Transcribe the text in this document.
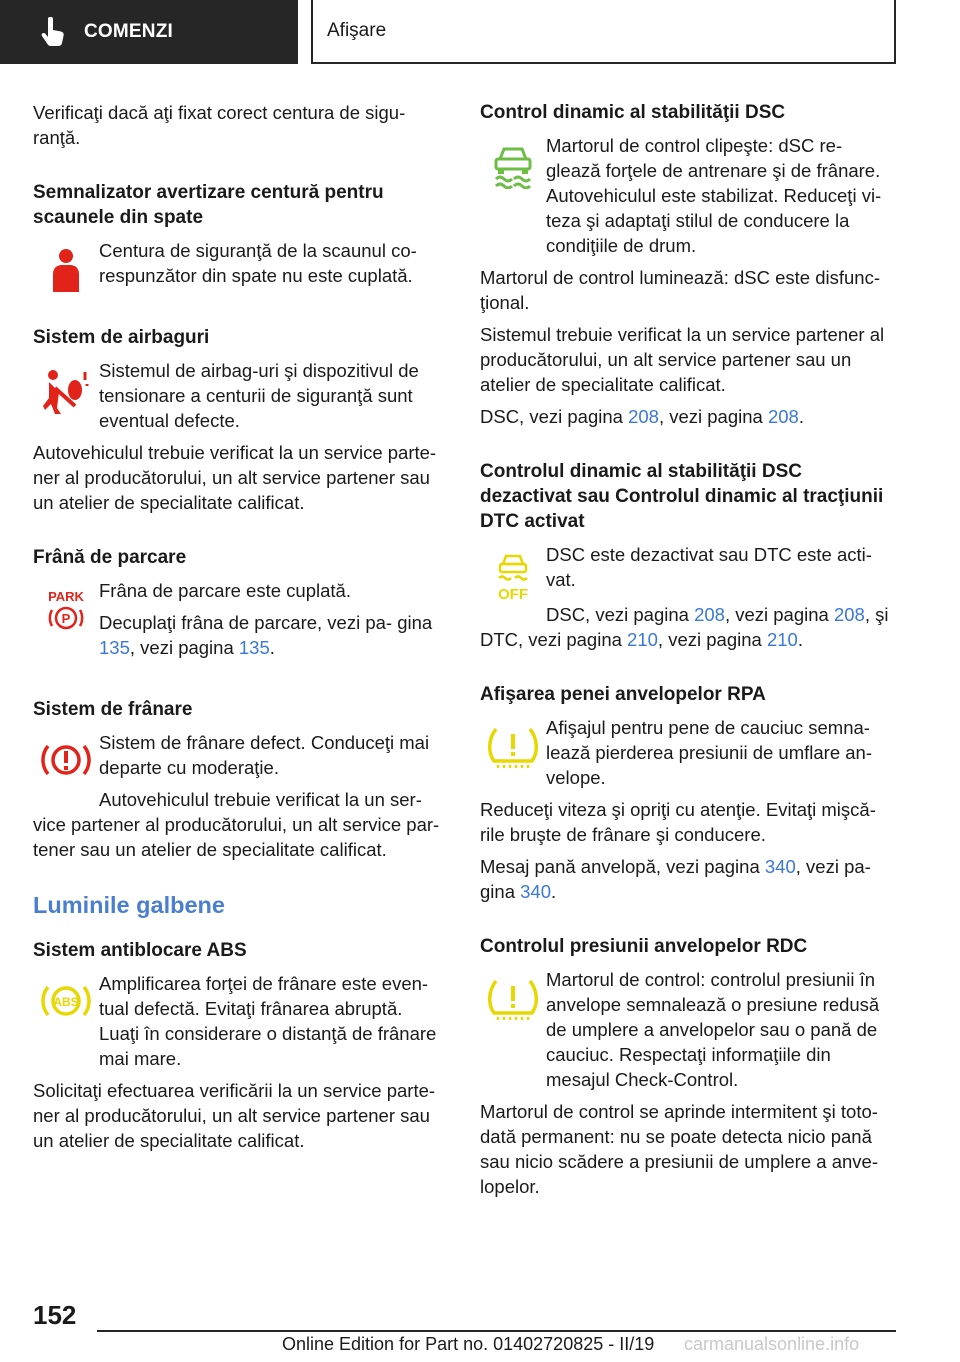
COMENZI	Afişare

Verificaţi dacă aţi fixat corect centura de sigu- ranţă.

Semnalizator avertizare centură pentru scaunele din spate

Centura de siguranţă de la scaunul co- respunzător din spate nu este cuplată.

Sistem de airbaguri

Sistemul de airbag-uri şi dispozitivul de tensionare a centurii de siguranţă sunt eventual defecte.

Autovehiculul trebuie verificat la un service parte- ner al producătorului, un alt service partener sau un atelier de specialitate calificat.

Frână de parcare
PARK
P

Frâna de parcare este cuplată.

Decuplaţi frâna de parcare, vezi pa- gina 135, vezi pagina 135.

Sistem de frânare

Sistem de frânare defect. Conduceţi mai departe cu moderaţie.

Autovehiculul trebuie verificat la un ser- vice partener al producătorului, un alt service par- tener sau un atelier de specialitate calificat.

Luminile galbene
Sistem antiblocare ABS
ABS

Amplificarea forţei de frânare este even- tual defectă. Evitaţi frânarea abruptă. Luaţi în considerare o distanţă de frânare mai mare.

Solicitaţi efectuarea verificării la un service parte- ner al producătorului, un alt service partener sau un atelier de specialitate calificat.

Control dinamic al stabilităţii DSC

Martorul de control clipeşte: dSC re- glează forţele de antrenare şi de frânare. Autovehiculul este stabilizat. Reduceţi vi- teza şi adaptaţi stilul de conducere la condiţiile de drum.

Martorul de control luminează: dSC este disfunc- ţional.

Sistemul trebuie verificat la un service partener al producătorului, un alt service partener sau un atelier de specialitate calificat.

DSC, vezi pagina 208, vezi pagina 208.

Controlul dinamic al stabilităţii DSC dezactivat sau Controlul dinamic al tracţiunii DTC activat
OFF

DSC este dezactivat sau DTC este acti- vat.

DSC, vezi pagina 208, vezi pagina 208, şi DTC, vezi pagina 210, vezi pagina 210.

Afişarea penei anvelopelor RPA

Afişajul pentru pene de cauciuc semna- lează pierderea presiunii de umflare an- velope.

Reduceţi viteza şi opriţi cu atenţie. Evitaţi mişcă- rile bruşte de frânare şi conducere.

Mesaj pană anvelopă, vezi pagina 340, vezi pa- gina 340.

Controlul presiunii anvelopelor RDC

Martorul de control: controlul presiunii în anvelope semnalează o presiune redusă de umplere a anvelopelor sau o pană de cauciuc. Respectaţi informaţiile din mesajul Check-Control.

Martorul de control se aprinde intermitent şi toto- dată permanent: nu se poate detecta nicio pană sau nicio scădere a presiunii de umplere a anve- lopelor.

152
Online Edition for Part no. 01402720825 - II/19 carmanualsonline.info
